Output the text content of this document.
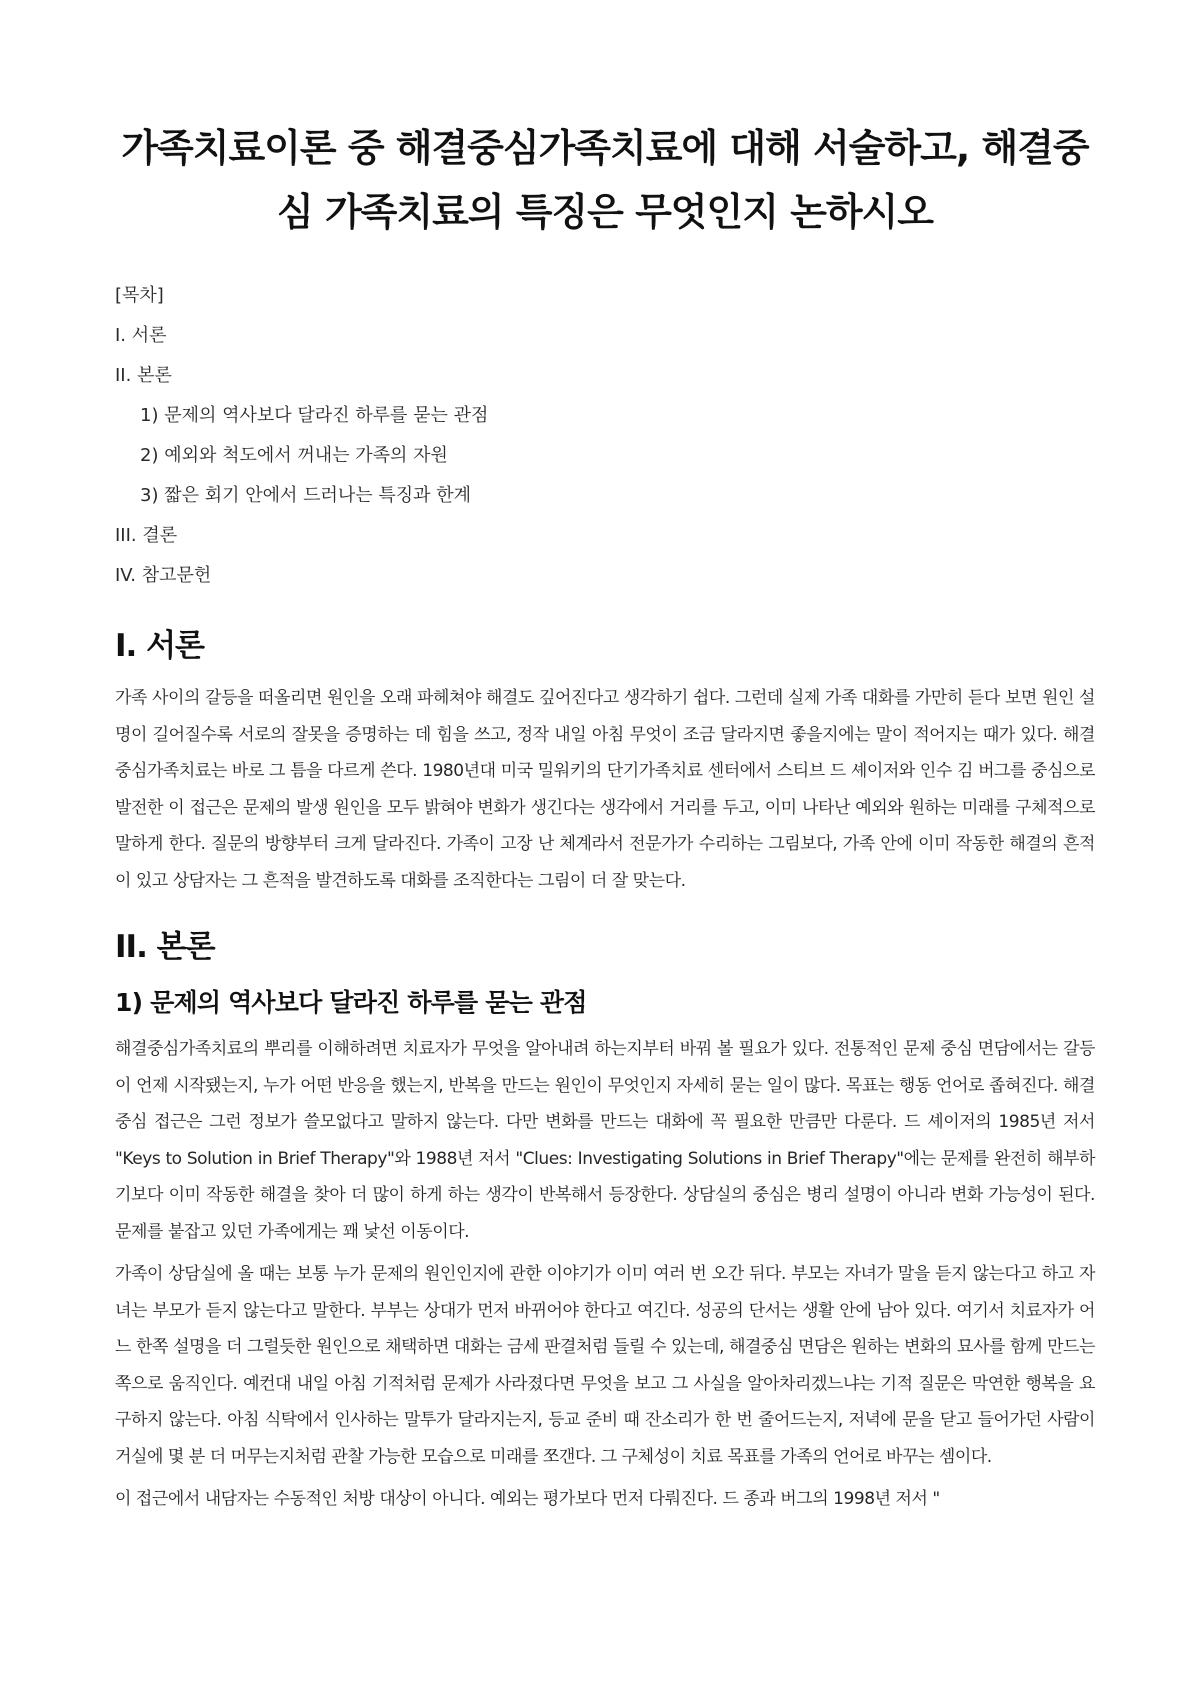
가족치료이론 중 해결중심가족치료에 대해 서술하고, 해결중심 가족치료의 특징은 무엇인지 논하시오
[목차]
I. 서론
II. 본론
1) 문제의 역사보다 달라진 하루를 묻는 관점
2) 예외와 척도에서 꺼내는 가족의 자원
3) 짧은 회기 안에서 드러나는 특징과 한계
III. 결론
IV. 참고문헌
I. 서론

가족 사이의 갈등을 떠올리면 원인을 오래 파헤쳐야 해결도 깊어진다고 생각하기 쉽다. 그런데 실제 가족 대화를 가만히 듣다 보면 원인 설명이 길어질수록 서로의 잘못을 증명하는 데 힘을 쓰고, 정작 내일 아침 무엇이 조금 달라지면 좋을지에는 말이 적어지는 때가 있다. 해결중심가족치료는 바로 그 틈을 다르게 쓴다. 1980년대 미국 밀워키의 단기가족치료 센터에서 스티브 드 셰이저와 인수 김 버그를 중심으로 발전한 이 접근은 문제의 발생 원인을 모두 밝혀야 변화가 생긴다는 생각에서 거리를 두고, 이미 나타난 예외와 원하는 미래를 구체적으로 말하게 한다. 질문의 방향부터 크게 달라진다. 가족이 고장 난 체계라서 전문가가 수리하는 그림보다, 가족 안에 이미 작동한 해결의 흔적이 있고 상담자는 그 흔적을 발견하도록 대화를 조직한다는 그림이 더 잘 맞는다.

II. 본론
1) 문제의 역사보다 달라진 하루를 묻는 관점

해결중심가족치료의 뿌리를 이해하려면 치료자가 무엇을 알아내려 하는지부터 바꿔 볼 필요가 있다. 전통적인 문제 중심 면담에서는 갈등이 언제 시작됐는지, 누가 어떤 반응을 했는지, 반복을 만드는 원인이 무엇인지 자세히 묻는 일이 많다. 목표는 행동 언어로 좁혀진다. 해결중심 접근은 그런 정보가 쓸모없다고 말하지 않는다. 다만 변화를 만드는 대화에 꼭 필요한 만큼만 다룬다. 드 셰이저의 1985년 저서 "Keys to Solution in Brief Therapy"와 1988년 저서 "Clues: Investigating Solutions in Brief Therapy"에는 문제를 완전히 해부하기보다 이미 작동한 해결을 찾아 더 많이 하게 하는 생각이 반복해서 등장한다. 상담실의 중심은 병리 설명이 아니라 변화 가능성이 된다. 문제를 붙잡고 있던 가족에게는 꽤 낯선 이동이다.

가족이 상담실에 올 때는 보통 누가 문제의 원인인지에 관한 이야기가 이미 여러 번 오간 뒤다. 부모는 자녀가 말을 듣지 않는다고 하고 자녀는 부모가 듣지 않는다고 말한다. 부부는 상대가 먼저 바뀌어야 한다고 여긴다. 성공의 단서는 생활 안에 남아 있다. 여기서 치료자가 어느 한쪽 설명을 더 그럴듯한 원인으로 채택하면 대화는 금세 판결처럼 들릴 수 있는데, 해결중심 면담은 원하는 변화의 묘사를 함께 만드는 쪽으로 움직인다. 예컨대 내일 아침 기적처럼 문제가 사라졌다면 무엇을 보고 그 사실을 알아차리겠느냐는 기적 질문은 막연한 행복을 요구하지 않는다. 아침 식탁에서 인사하는 말투가 달라지는지, 등교 준비 때 잔소리가 한 번 줄어드는지, 저녁에 문을 닫고 들어가던 사람이 거실에 몇 분 더 머무는지처럼 관찰 가능한 모습으로 미래를 쪼갠다. 그 구체성이 치료 목표를 가족의 언어로 바꾸는 셈이다.

이 접근에서 내담자는 수동적인 처방 대상이 아니다. 예외는 평가보다 먼저 다뤄진다. 드 종과 버그의 1998년 저서 "
